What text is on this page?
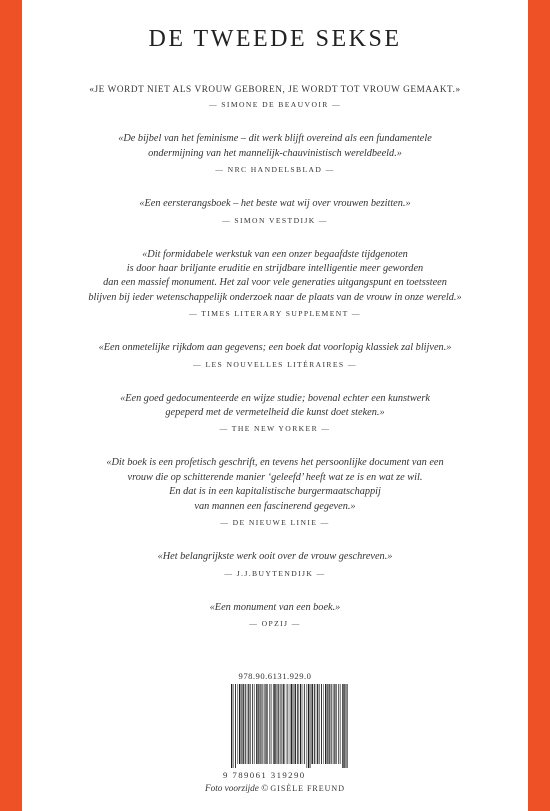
DE TWEEDE SEKSE
«JE WORDT NIET ALS VROUW GEBOREN, JE WORDT TOT VROUW GEMAAKT.»
— SIMONE DE BEAUVOIR —
«De bijbel van het feminisme – dit werk blijft overeind als een fundamentele
ondermijning van het mannelijk-chauvinistisch wereldbeeld.»
— NRC HANDELSBLAD —
«Een eersterangsboek – het beste wat wij over vrouwen bezitten.»
— SIMON VESTDIJK —
«Dit formidabele werkstuk van een onzer begaafdste tijdgenoten
is door haar briljante eruditie en strijdbare intelligentie meer geworden
dan een massief monument. Het zal voor vele generaties uitgangspunt en toetssteen
blijven bij ieder wetenschappelijk onderzoek naar de plaats van de vrouw in onze wereld.»
— TIMES LITERARY SUPPLEMENT —
«Een onmetelijke rijkdom aan gegevens; een boek dat voorlopig klassiek zal blijven.»
— LES NOUVELLES LITÉRAIRES —
«Een goed gedocumenteerde en wijze studie; bovenal echter een kunstwerk
gepeperd met de vermetelheid die kunst doet steken.»
— THE NEW YORKER —
«Dit boek is een profetisch geschrift, en tevens het persoonlijke document van een
vrouw die op schitterende manier ‘geleefd’ heeft wat ze is en wat ze wil.
En dat is in een kapitalistische burgermaatschappij
van mannen een fascinerend gegeven.»
— DE NIEUWE LINIE —
«Het belangrijkste werk ooit over de vrouw geschreven.»
— J.J.BUYTENDIJK —
«Een monument van een boek.»
— OPZIJ —
978.90.6131.929.0
9 789061 319290
Foto voorzijde © GISÈLE FREUND
